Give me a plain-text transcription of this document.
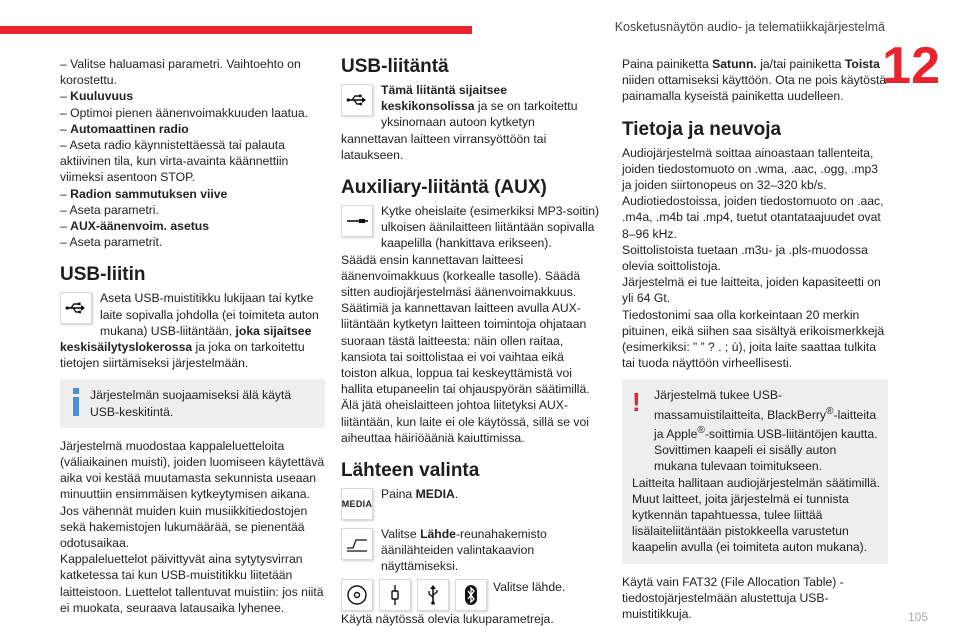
Kosketusnäytön audio- ja telematiikkajärjestelmä
12

– Valitse haluamasi parametri. Vaihtoehto on korostettu.

– Kuuluvuus

– Optimoi pienen äänenvoimakkuuden laatua.

– Automaattinen radio

– Aseta radio käynnistettäessä tai palauta aktiivinen tila, kun virta-avainta käännettiin viimeksi asentoon STOP.

– Radion sammutuksen viive

– Aseta parametri.

– AUX-äänenvoim. asetus

– Aseta parametrit.

USB-liitin

Aseta USB-muistitikku lukijaan tai kytke laite sopivalla johdolla (ei toimiteta auton mukana) USB-liitäntään, joka sijaitsee keskisäilytyslokerossa ja joka on tarkoitettu tietojen siirtämiseksi järjestelmään.

Järjestelmän suojaamiseksi älä käytä USB-keskitintä.

Järjestelmä muodostaa kappaleluetteloita (väliaikainen muisti), joiden luomiseen käytettävä aika voi kestää muutamasta sekunnista useaan minuuttiin ensimmäisen kytkeytymisen aikana. Jos vähennät muiden kuin musiikkitiedostojen sekä hakemistojen lukumäärää, se pienentää odotusaikaa.

Kappaleluettelot päivittyvät aina sytytysvirran katketessa tai kun USB-muistitikku liitetään laitteistoon. Luettelot tallentuvat muistiin: jos niitä ei muokata, seuraava latausaika lyhenee.

USB-liitäntä

Tämä liitäntä sijaitsee keskikonsolissa ja se on tarkoitettu yksinomaan autoon kytketyn kannettavan laitteen virransyöttöön tai lataukseen.

Auxiliary-liitäntä (AUX)

Kytke oheislaite (esimerkiksi MP3-soitin) ulkoisen äänilaitteen liitäntään sopivalla kaapelilla (hankittava erikseen).

Säädä ensin kannettavan laitteesi äänenvoimakkuus (korkealle tasolle). Säädä sitten audiojärjestelmäsi äänenvoimakkuus.

Säätimiä ja kannettavan laitteen avulla AUX-liitäntään kytketyn laitteen toimintoja ohjataan suoraan tästä laitteesta: näin ollen raitaa, kansiota tai soittolistaa ei voi vaihtaa eikä toiston alkua, loppua tai keskeyttämistä voi hallita etupaneelin tai ohjauspyörän säätimillä.

Älä jätä oheislaitteen johtoa liitetyksi AUX-liitäntään, kun laite ei ole käytössä, sillä se voi aiheuttaa häiriöääniä kaiuttimissa.

Lähteen valinta
MEDIA

Paina MEDIA.

Valitse Lähde-reunahakemisto äänilähteiden valintakaavion näyttämiseksi.

Valitse lähde.

Käytä näytössä olevia lukuparametreja.

Paina painiketta Satunn. ja/tai painiketta Toista niiden ottamiseksi käyttöön. Ota ne pois käytöstä painamalla kyseistä painiketta uudelleen.

Tietoja ja neuvoja

Audiojärjestelmä soittaa ainoastaan tallenteita, joiden tiedostomuoto on .wma, .aac, .ogg, .mp3 ja joiden siirtonopeus on 32–320 kb/s.

Audiotiedostoissa, joiden tiedostomuoto on .aac, .m4a, .m4b tai .mp4, tuetut otantataajuudet ovat 8–96 kHz.

Soittolistoista tuetaan .m3u- ja .pls-muodossa olevia soittolistoja.

Järjestelmä ei tue laitteita, joiden kapasiteetti on yli 64 Gt.

Tiedostonimi saa olla korkeintaan 20 merkin pituinen, eikä siihen saa sisältyä erikoismerkkejä (esimerkiksi: ” ” ? . ; ù), joita laite saattaa tulkita tai tuoda näyttöön virheellisesti.

!	Järjestelmä tukee USB-massamuistilaitteita, BlackBerry®-laitteita ja Apple®-soittimia USB-liitäntöjen kautta. Sovittimen kaapeli ei sisälly auton mukana tulevaan toimitukseen.

Laitteita hallitaan audiojärjestelmän säätimillä.

Muut laitteet, joita järjestelmä ei tunnista kytkennän tapahtuessa, tulee liittää lisälaiteliitäntään pistokkeella varustetun kaapelin avulla (ei toimiteta auton mukana).

Käytä vain FAT32 (File Allocation Table) -tiedostojärjestelmään alustettuja USB-muistitikkuja.	105
